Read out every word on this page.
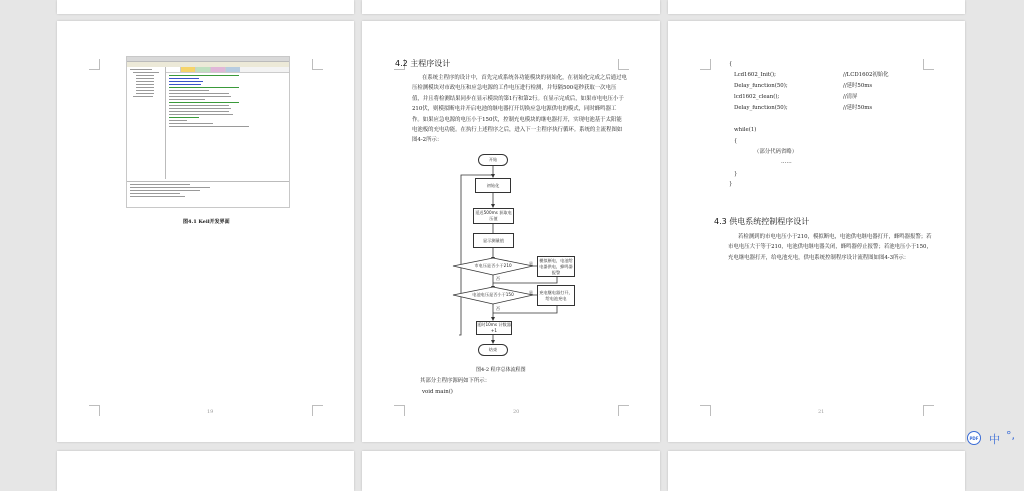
19
图4.1 Keil开发界面
20
4.2 主程序设计
在系统主程序的设计中，首先完成系统各功能模块的初始化，在初始化完成之后通过电压检测模块对市政电压和应急电源的工作电压进行检测，并每隔500毫秒获取一次电压值，并且将检测结果同步在显示模块的第1行和第2行。在显示完成后，如果市电电压小于210伏，则模拟断电并开启电池的继电器打开切换应急电源供电的模式，同时蜂鸣器工作。如果应急电源的电压小于150伏，控制充电模块的继电器打开，实现电池基于太阳能电池板的充电功能。在执行上述程序之后，进入下一主程序执行循环。系统的主流程图如图4-2所示：
开始
初始化
延迟500ms 获取电压值
显示测量值
市电压是否小于210
模拟断电，电池给电器供电，蜂鸣器报警
电池电压是否小于150	充电继电器打开，给电池充电
延时10ms 计数器+1
结束
是
否
是
否
图4-2 程序总体流程图
其部分主程序源码如下所示：
void main()
21
{
Lcd1602_Init();	//LCD1602初始化
Delay_function(50);	//延时50ms
lcd1602_clean();	//清屏
Delay_function(50);	//延时50ms
while(1)
{
（部分代码省略）
……
}
}
4.3 供电系统控制程序设计
若检测到的市电电压小于210，模拟断电，电池供电继电器打开，蜂鸣器报警；若市电电压大于等于210，电池供电继电器关闭，蜂鸣器停止报警；若池电压小于150，充电继电器打开，给电池充电，供电系统控制程序设计流程图如图4-3所示：
PDF 中 °,
